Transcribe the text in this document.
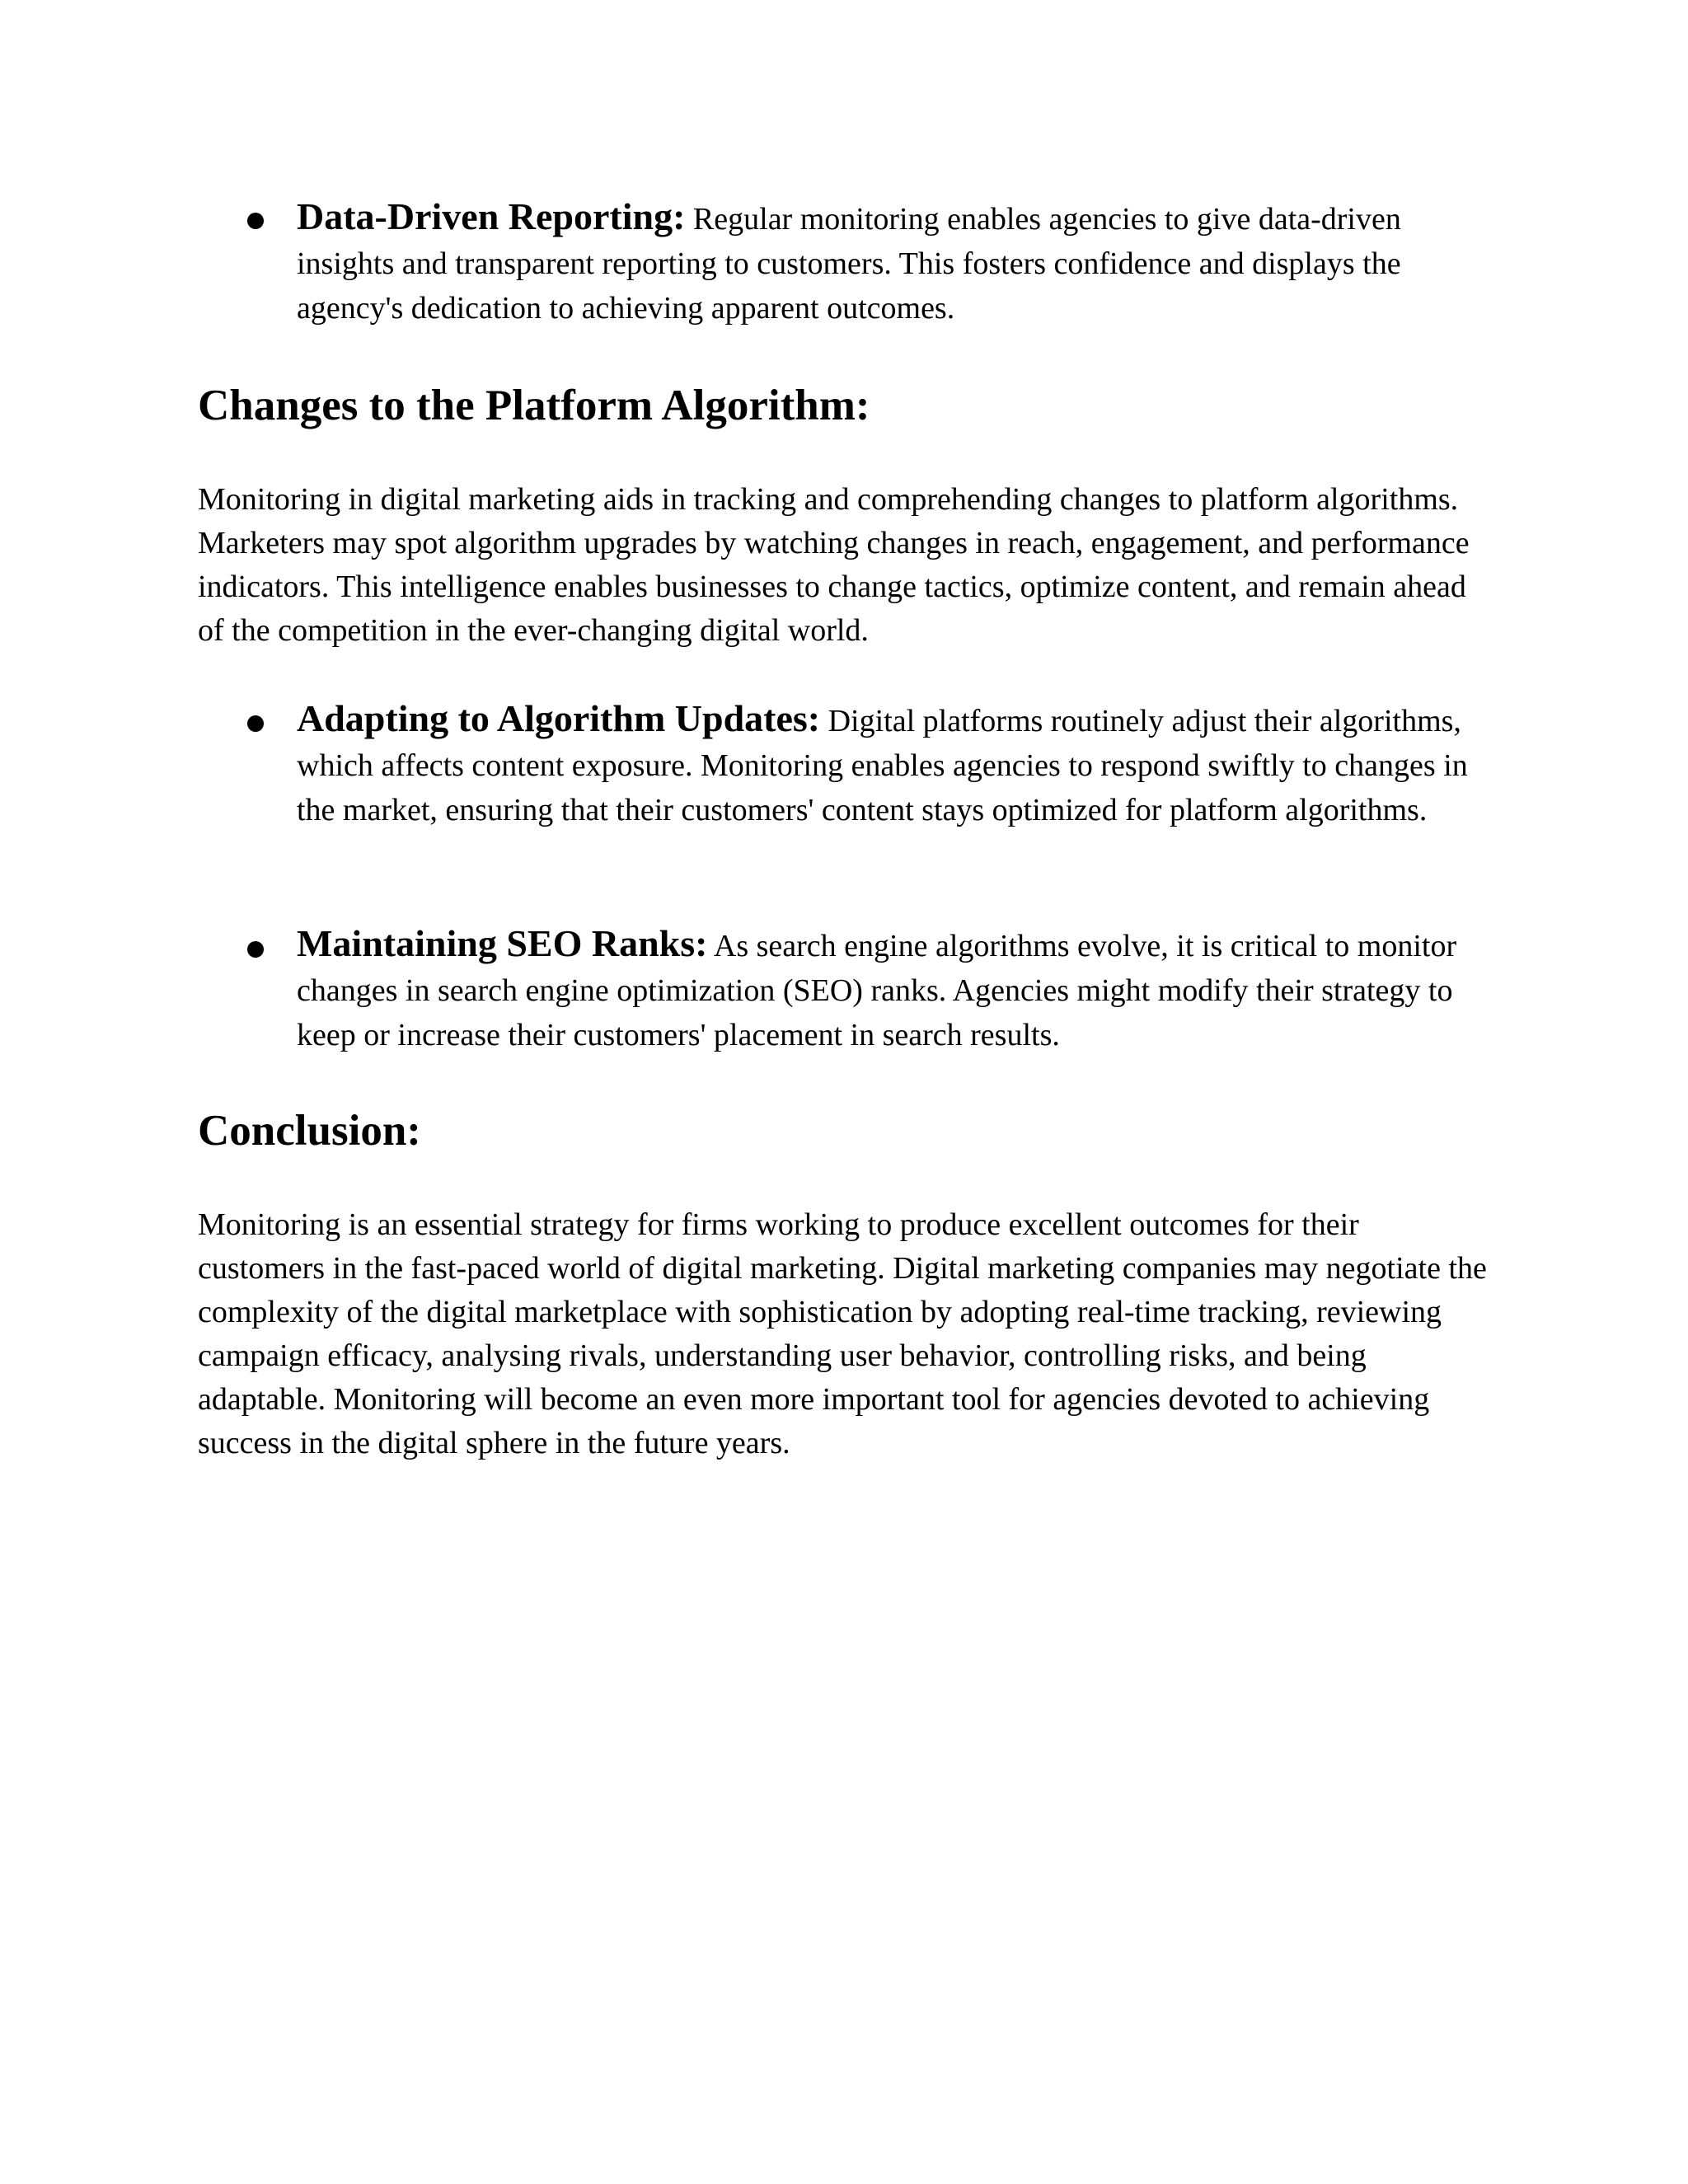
Data-Driven Reporting: Regular monitoring enables agencies to give data-driven insights and transparent reporting to customers. This fosters confidence and displays the agency's dedication to achieving apparent outcomes.
Changes to the Platform Algorithm:

Monitoring in digital marketing aids in tracking and comprehending changes to platform algorithms. Marketers may spot algorithm upgrades by watching changes in reach, engagement, and performance indicators. This intelligence enables businesses to change tactics, optimize content, and remain ahead of the competition in the ever-changing digital world.

Adapting to Algorithm Updates: Digital platforms routinely adjust their algorithms, which affects content exposure. Monitoring enables agencies to respond swiftly to changes in the market, ensuring that their customers' content stays optimized for platform algorithms.
Maintaining SEO Ranks: As search engine algorithms evolve, it is critical to monitor changes in search engine optimization (SEO) ranks. Agencies might modify their strategy to keep or increase their customers' placement in search results.
Conclusion:

Monitoring is an essential strategy for firms working to produce excellent outcomes for their customers in the fast-paced world of digital marketing. Digital marketing companies may negotiate the complexity of the digital marketplace with sophistication by adopting real-time tracking, reviewing campaign efficacy, analysing rivals, understanding user behavior, controlling risks, and being adaptable. Monitoring will become an even more important tool for agencies devoted to achieving success in the digital sphere in the future years.
